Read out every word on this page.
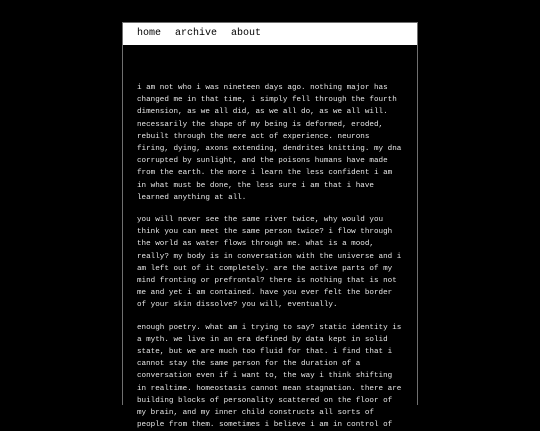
home archive about

i am not who i was nineteen days ago. nothing major has changed me in that time, i simply fell through the fourth dimension, as we all did, as we all do, as we all will. necessarily the shape of my being is deformed, eroded, rebuilt through the mere act of experience. neurons firing, dying, axons extending, dendrites knitting. my dna corrupted by sunlight, and the poisons humans have made from the earth. the more i learn the less confident i am in what must be done, the less sure i am that i have learned anything at all.

you will never see the same river twice, why would you think you can meet the same person twice? i flow through the world as water flows through me. what is a mood, really? my body is in conversation with the universe and i am left out of it completely. are the active parts of my mind fronting or prefrontal? there is nothing that is not me and yet i am contained. have you ever felt the border of your skin dissolve? you will, eventually.

enough poetry. what am i trying to say? static identity is a myth. we live in an era defined by data kept in solid state, but we are much too fluid for that. i find that i cannot stay the same person for the duration of a conversation even if i want to, the way i think shifting in realtime. homeostasis cannot mean stagnation. there are building blocks of personality scattered on the floor of my brain, and my inner child constructs all sorts of people from them. sometimes i believe i am in control of
